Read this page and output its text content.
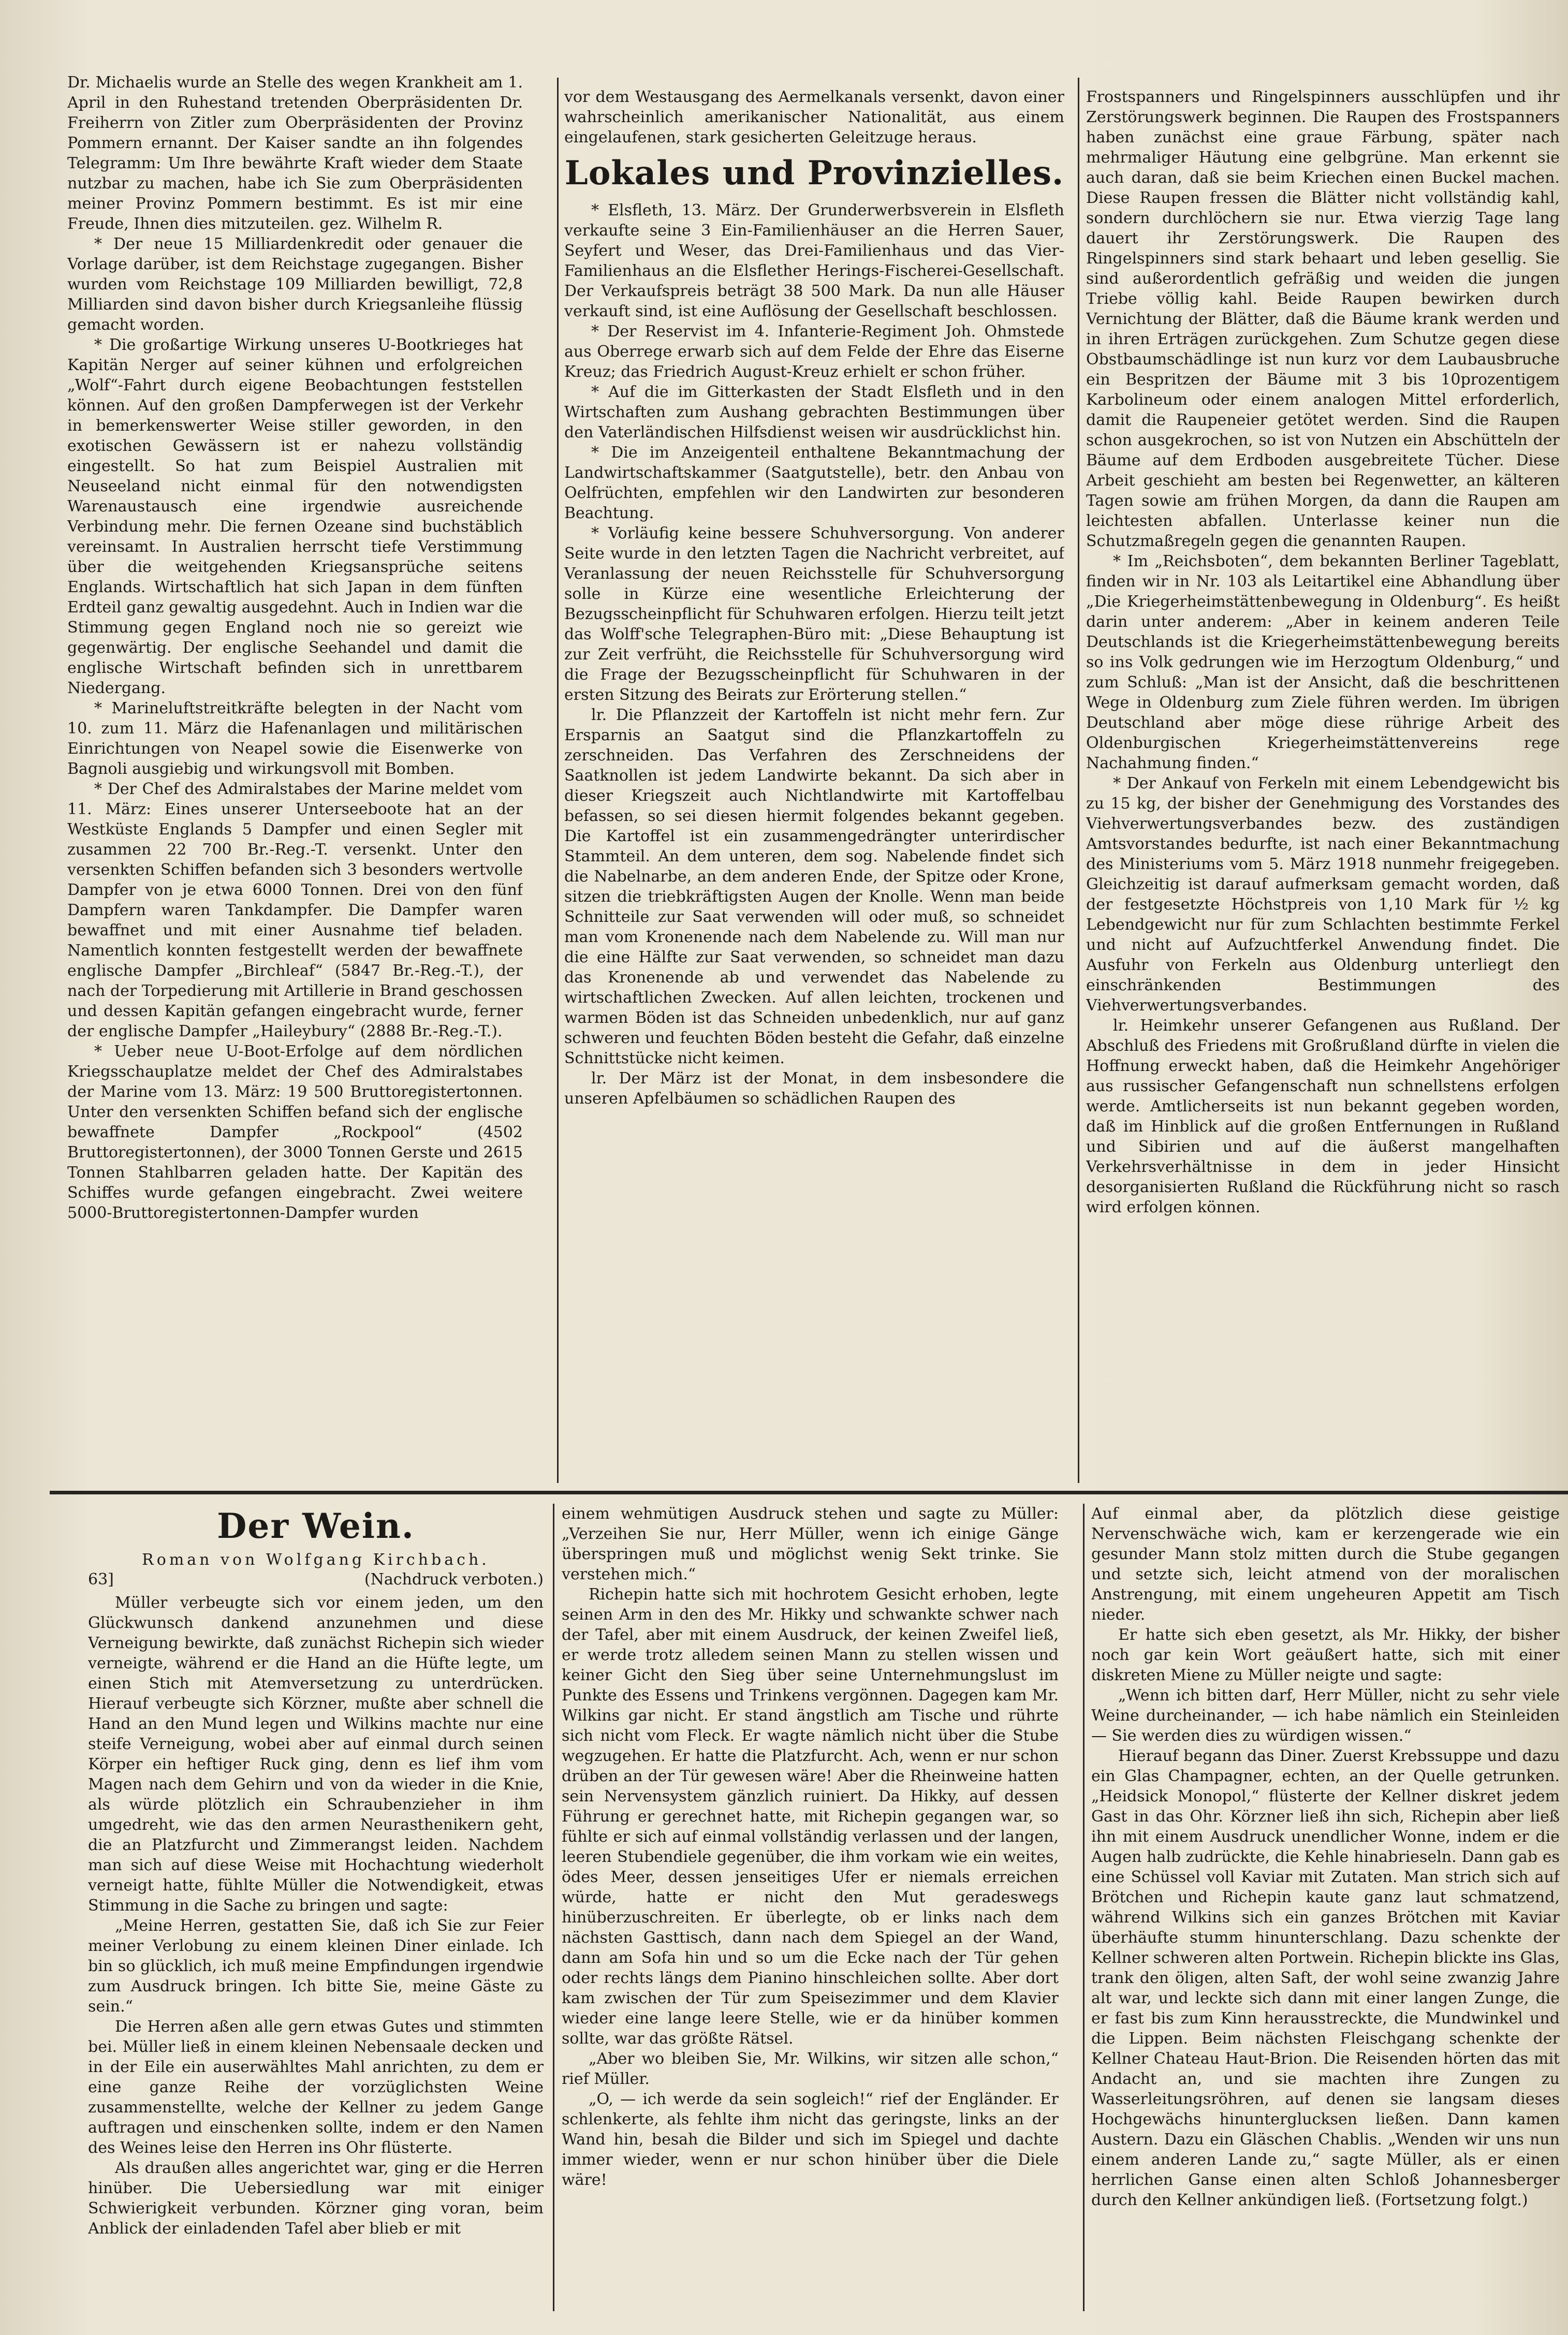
Dr. Michaelis wurde an Stelle des wegen Krankheit am 1. April in den Ruhestand tretenden Oberpräsidenten Dr. Freiherrn von Zitler zum Oberpräsidenten der Provinz Pommern ernannt. Der Kaiser sandte an ihn folgendes Telegramm: Um Ihre bewährte Kraft wieder dem Staate nutzbar zu machen, habe ich Sie zum Oberpräsidenten meiner Provinz Pommern bestimmt. Es ist mir eine Freude, Ihnen dies mitzuteilen. gez. Wilhelm R.

* Der neue 15 Milliardenkredit oder genauer die Vorlage darüber, ist dem Reichstage zugegangen. Bisher wurden vom Reichstage 109 Milliarden bewilligt, 72,8 Milliarden sind davon bisher durch Kriegsanleihe flüssig gemacht worden.

* Die großartige Wirkung unseres U-Bootkrieges hat Kapitän Nerger auf seiner kühnen und erfolgreichen „Wolf“-Fahrt durch eigene Beobachtungen feststellen können. Auf den großen Dampferwegen ist der Verkehr in bemerkenswerter Weise stiller geworden, in den exotischen Gewässern ist er nahezu vollständig eingestellt. So hat zum Beispiel Australien mit Neuseeland nicht einmal für den notwendigsten Warenaustausch eine irgendwie ausreichende Verbindung mehr. Die fernen Ozeane sind buchstäblich vereinsamt. In Australien herrscht tiefe Verstimmung über die weitgehenden Kriegsansprüche seitens Englands. Wirtschaftlich hat sich Japan in dem fünften Erdteil ganz gewaltig ausgedehnt. Auch in Indien war die Stimmung gegen England noch nie so gereizt wie gegenwärtig. Der englische Seehandel und damit die englische Wirtschaft befinden sich in unrettbarem Niedergang.

* Marineluftstreitkräfte belegten in der Nacht vom 10. zum 11. März die Hafenanlagen und militärischen Einrichtungen von Neapel sowie die Eisenwerke von Bagnoli ausgiebig und wirkungsvoll mit Bomben.

* Der Chef des Admiralstabes der Marine meldet vom 11. März: Eines unserer Unterseeboote hat an der Westküste Englands 5 Dampfer und einen Segler mit zusammen 22 700 Br.-Reg.-T. versenkt. Unter den versenkten Schiffen befanden sich 3 besonders wertvolle Dampfer von je etwa 6000 Tonnen. Drei von den fünf Dampfern waren Tankdampfer. Die Dampfer waren bewaffnet und mit einer Ausnahme tief beladen. Namentlich konnten festgestellt werden der bewaffnete englische Dampfer „Birchleaf“ (5847 Br.-Reg.-T.), der nach der Torpedierung mit Artillerie in Brand geschossen und dessen Kapitän gefangen eingebracht wurde, ferner der englische Dampfer „Haileybury“ (2888 Br.-Reg.-T.).

* Ueber neue U-Boot-Erfolge auf dem nördlichen Kriegsschauplatze meldet der Chef des Admiralstabes der Marine vom 13. März: 19 500 Bruttoregistertonnen. Unter den versenkten Schiffen befand sich der englische bewaffnete Dampfer „Rockpool“ (4502 Bruttoregistertonnen), der 3000 Tonnen Gerste und 2615 Tonnen Stahlbarren geladen hatte. Der Kapitän des Schiffes wurde gefangen eingebracht. Zwei weitere 5000-Bruttoregistertonnen-Dampfer wurden

vor dem Westausgang des Aermelkanals versenkt, davon einer wahrscheinlich amerikanischer Nationalität, aus einem eingelaufenen, stark gesicherten Geleitzuge heraus.

Lokales und Provinzielles.

* Elsfleth, 13. März. Der Grunderwerbsverein in Elsfleth verkaufte seine 3 Ein-Familienhäuser an die Herren Sauer, Seyfert und Weser, das Drei-Familienhaus und das Vier-Familienhaus an die Elsflether Herings-Fischerei-Gesellschaft. Der Verkaufspreis beträgt 38 500 Mark. Da nun alle Häuser verkauft sind, ist eine Auflösung der Gesellschaft beschlossen.

* Der Reservist im 4. Infanterie-Regiment Joh. Ohmstede aus Oberrege erwarb sich auf dem Felde der Ehre das Eiserne Kreuz; das Friedrich August-Kreuz erhielt er schon früher.

* Auf die im Gitterkasten der Stadt Elsfleth und in den Wirtschaften zum Aushang gebrachten Bestimmungen über den Vaterländischen Hilfsdienst weisen wir ausdrücklichst hin.

* Die im Anzeigenteil enthaltene Bekanntmachung der Landwirtschaftskammer (Saatgutstelle), betr. den Anbau von Oelfrüchten, empfehlen wir den Landwirten zur besonderen Beachtung.

* Vorläufig keine bessere Schuhversorgung. Von anderer Seite wurde in den letzten Tagen die Nachricht verbreitet, auf Veranlassung der neuen Reichsstelle für Schuhversorgung solle in Kürze eine wesentliche Erleichterung der Bezugsscheinpflicht für Schuhwaren erfolgen. Hierzu teilt jetzt das Wolff'sche Telegraphen-Büro mit: „Diese Behauptung ist zur Zeit verfrüht, die Reichsstelle für Schuhversorgung wird die Frage der Bezugsscheinpflicht für Schuhwaren in der ersten Sitzung des Beirats zur Erörterung stellen.“

lr. Die Pflanzzeit der Kartoffeln ist nicht mehr fern. Zur Ersparnis an Saatgut sind die Pflanzkartoffeln zu zerschneiden. Das Verfahren des Zerschneidens der Saatknollen ist jedem Landwirte bekannt. Da sich aber in dieser Kriegszeit auch Nichtlandwirte mit Kartoffelbau befassen, so sei diesen hiermit folgendes bekannt gegeben. Die Kartoffel ist ein zusammengedrängter unterirdischer Stammteil. An dem unteren, dem sog. Nabelende findet sich die Nabelnarbe, an dem anderen Ende, der Spitze oder Krone, sitzen die triebkräftigsten Augen der Knolle. Wenn man beide Schnitteile zur Saat verwenden will oder muß, so schneidet man vom Kronenende nach dem Nabelende zu. Will man nur die eine Hälfte zur Saat verwenden, so schneidet man dazu das Kronenende ab und verwendet das Nabelende zu wirtschaftlichen Zwecken. Auf allen leichten, trockenen und warmen Böden ist das Schneiden unbedenklich, nur auf ganz schweren und feuchten Böden besteht die Gefahr, daß einzelne Schnittstücke nicht keimen.

lr. Der März ist der Monat, in dem insbesondere die unseren Apfelbäumen so schädlichen Raupen des

Frostspanners und Ringelspinners ausschlüpfen und ihr Zerstörungswerk beginnen. Die Raupen des Frostspanners haben zunächst eine graue Färbung, später nach mehrmaliger Häutung eine gelbgrüne. Man erkennt sie auch daran, daß sie beim Kriechen einen Buckel machen. Diese Raupen fressen die Blätter nicht vollständig kahl, sondern durchlöchern sie nur. Etwa vierzig Tage lang dauert ihr Zerstörungswerk. Die Raupen des Ringelspinners sind stark behaart und leben gesellig. Sie sind außerordentlich gefräßig und weiden die jungen Triebe völlig kahl. Beide Raupen bewirken durch Vernichtung der Blätter, daß die Bäume krank werden und in ihren Erträgen zurückgehen. Zum Schutze gegen diese Obstbaumschädlinge ist nun kurz vor dem Laubausbruche ein Bespritzen der Bäume mit 3 bis 10prozentigem Karbolineum oder einem analogen Mittel erforderlich, damit die Raupeneier getötet werden. Sind die Raupen schon ausgekrochen, so ist von Nutzen ein Abschütteln der Bäume auf dem Erdboden ausgebreitete Tücher. Diese Arbeit geschieht am besten bei Regenwetter, an kälteren Tagen sowie am frühen Morgen, da dann die Raupen am leichtesten abfallen. Unterlasse keiner nun die Schutzmaßregeln gegen die genannten Raupen.

* Im „Reichsboten“, dem bekannten Berliner Tageblatt, finden wir in Nr. 103 als Leitartikel eine Abhandlung über „Die Kriegerheimstättenbewegung in Oldenburg“. Es heißt darin unter anderem: „Aber in keinem anderen Teile Deutschlands ist die Kriegerheimstättenbewegung bereits so ins Volk gedrungen wie im Herzogtum Oldenburg,“ und zum Schluß: „Man ist der Ansicht, daß die beschrittenen Wege in Oldenburg zum Ziele führen werden. Im übrigen Deutschland aber möge diese rührige Arbeit des Oldenburgischen Kriegerheimstättenvereins rege Nachahmung finden.“

* Der Ankauf von Ferkeln mit einem Lebendgewicht bis zu 15 kg, der bisher der Genehmigung des Vorstandes des Viehverwertungsverbandes bezw. des zuständigen Amtsvorstandes bedurfte, ist nach einer Bekanntmachung des Ministeriums vom 5. März 1918 nunmehr freigegeben. Gleichzeitig ist darauf aufmerksam gemacht worden, daß der festgesetzte Höchstpreis von 1,10 Mark für ½ kg Lebendgewicht nur für zum Schlachten bestimmte Ferkel und nicht auf Aufzuchtferkel Anwendung findet. Die Ausfuhr von Ferkeln aus Oldenburg unterliegt den einschränkenden Bestimmungen des Viehverwertungsverbandes.

lr. Heimkehr unserer Gefangenen aus Rußland. Der Abschluß des Friedens mit Großrußland dürfte in vielen die Hoffnung erweckt haben, daß die Heimkehr Angehöriger aus russischer Gefangenschaft nun schnellstens erfolgen werde. Amtlicherseits ist nun bekannt gegeben worden, daß im Hinblick auf die großen Entfernungen in Rußland und Sibirien und auf die äußerst mangelhaften Verkehrsverhältnisse in dem in jeder Hinsicht desorganisierten Rußland die Rückführung nicht so rasch wird erfolgen können.

Der Wein.
Roman von Wolfgang Kirchbach.
63]	(Nachdruck verboten.)

Müller verbeugte sich vor einem jeden, um den Glückwunsch dankend anzunehmen und diese Verneigung bewirkte, daß zunächst Richepin sich wieder verneigte, während er die Hand an die Hüfte legte, um einen Stich mit Atemversetzung zu unterdrücken. Hierauf verbeugte sich Körzner, mußte aber schnell die Hand an den Mund legen und Wilkins machte nur eine steife Verneigung, wobei aber auf einmal durch seinen Körper ein heftiger Ruck ging, denn es lief ihm vom Magen nach dem Gehirn und von da wieder in die Knie, als würde plötzlich ein Schraubenzieher in ihm umgedreht, wie das den armen Neurasthenikern geht, die an Platzfurcht und Zimmerangst leiden. Nachdem man sich auf diese Weise mit Hochachtung wiederholt verneigt hatte, fühlte Müller die Notwendigkeit, etwas Stimmung in die Sache zu bringen und sagte:

„Meine Herren, gestatten Sie, daß ich Sie zur Feier meiner Verlobung zu einem kleinen Diner einlade. Ich bin so glücklich, ich muß meine Empfindungen irgendwie zum Ausdruck bringen. Ich bitte Sie, meine Gäste zu sein.“

Die Herren aßen alle gern etwas Gutes und stimmten bei. Müller ließ in einem kleinen Nebensaale decken und in der Eile ein auserwähltes Mahl anrichten, zu dem er eine ganze Reihe der vorzüglichsten Weine zusammenstellte, welche der Kellner zu jedem Gange auftragen und einschenken sollte, indem er den Namen des Weines leise den Herren ins Ohr flüsterte.

Als draußen alles angerichtet war, ging er die Herren hinüber. Die Uebersiedlung war mit einiger Schwierigkeit verbunden. Körzner ging voran, beim Anblick der einladenden Tafel aber blieb er mit

einem wehmütigen Ausdruck stehen und sagte zu Müller: „Verzeihen Sie nur, Herr Müller, wenn ich einige Gänge überspringen muß und möglichst wenig Sekt trinke. Sie verstehen mich.“

Richepin hatte sich mit hochrotem Gesicht erhoben, legte seinen Arm in den des Mr. Hikky und schwankte schwer nach der Tafel, aber mit einem Ausdruck, der keinen Zweifel ließ, er werde trotz alledem seinen Mann zu stellen wissen und keiner Gicht den Sieg über seine Unternehmungslust im Punkte des Essens und Trinkens vergönnen. Dagegen kam Mr. Wilkins gar nicht. Er stand ängstlich am Tische und rührte sich nicht vom Fleck. Er wagte nämlich nicht über die Stube wegzugehen. Er hatte die Platzfurcht. Ach, wenn er nur schon drüben an der Tür gewesen wäre! Aber die Rheinweine hatten sein Nervensystem gänzlich ruiniert. Da Hikky, auf dessen Führung er gerechnet hatte, mit Richepin gegangen war, so fühlte er sich auf einmal vollständig verlassen und der langen, leeren Stubendiele gegenüber, die ihm vorkam wie ein weites, ödes Meer, dessen jenseitiges Ufer er niemals erreichen würde, hatte er nicht den Mut geradeswegs hinüberzuschreiten. Er überlegte, ob er links nach dem nächsten Gasttisch, dann nach dem Spiegel an der Wand, dann am Sofa hin und so um die Ecke nach der Tür gehen oder rechts längs dem Pianino hinschleichen sollte. Aber dort kam zwischen der Tür zum Speisezimmer und dem Klavier wieder eine lange leere Stelle, wie er da hinüber kommen sollte, war das größte Rätsel.

„Aber wo bleiben Sie, Mr. Wilkins, wir sitzen alle schon,“ rief Müller.

„O, — ich werde da sein sogleich!“ rief der Engländer. Er schlenkerte, als fehlte ihm nicht das geringste, links an der Wand hin, besah die Bilder und sich im Spiegel und dachte immer wieder, wenn er nur schon hinüber über die Diele wäre!

Auf einmal aber, da plötzlich diese geistige Nervenschwäche wich, kam er kerzengerade wie ein gesunder Mann stolz mitten durch die Stube gegangen und setzte sich, leicht atmend von der moralischen Anstrengung, mit einem ungeheuren Appetit am Tisch nieder.

Er hatte sich eben gesetzt, als Mr. Hikky, der bisher noch gar kein Wort geäußert hatte, sich mit einer diskreten Miene zu Müller neigte und sagte:

„Wenn ich bitten darf, Herr Müller, nicht zu sehr viele Weine durcheinander, — ich habe nämlich ein Steinleiden — Sie werden dies zu würdigen wissen.“

Hierauf begann das Diner. Zuerst Krebssuppe und dazu ein Glas Champagner, echten, an der Quelle getrunken. „Heidsick Monopol,“ flüsterte der Kellner diskret jedem Gast in das Ohr. Körzner ließ ihn sich, Richepin aber ließ ihn mit einem Ausdruck unendlicher Wonne, indem er die Augen halb zudrückte, die Kehle hinabrieseln. Dann gab es eine Schüssel voll Kaviar mit Zutaten. Man strich sich auf Brötchen und Richepin kaute ganz laut schmatzend, während Wilkins sich ein ganzes Brötchen mit Kaviar überhäufte stumm hinunterschlang. Dazu schenkte der Kellner schweren alten Portwein. Richepin blickte ins Glas, trank den öligen, alten Saft, der wohl seine zwanzig Jahre alt war, und leckte sich dann mit einer langen Zunge, die er fast bis zum Kinn herausstreckte, die Mundwinkel und die Lippen. Beim nächsten Fleischgang schenkte der Kellner Chateau Haut-Brion. Die Reisenden hörten das mit Andacht an, und sie machten ihre Zungen zu Wasserleitungsröhren, auf denen sie langsam dieses Hochgewächs hinunterglucksen ließen. Dann kamen Austern. Dazu ein Gläschen Chablis. „Wenden wir uns nun einem anderen Lande zu,“ sagte Müller, als er einen herrlichen Ganse einen alten Schloß Johannesberger durch den Kellner ankündigen ließ. (Fortsetzung folgt.)
